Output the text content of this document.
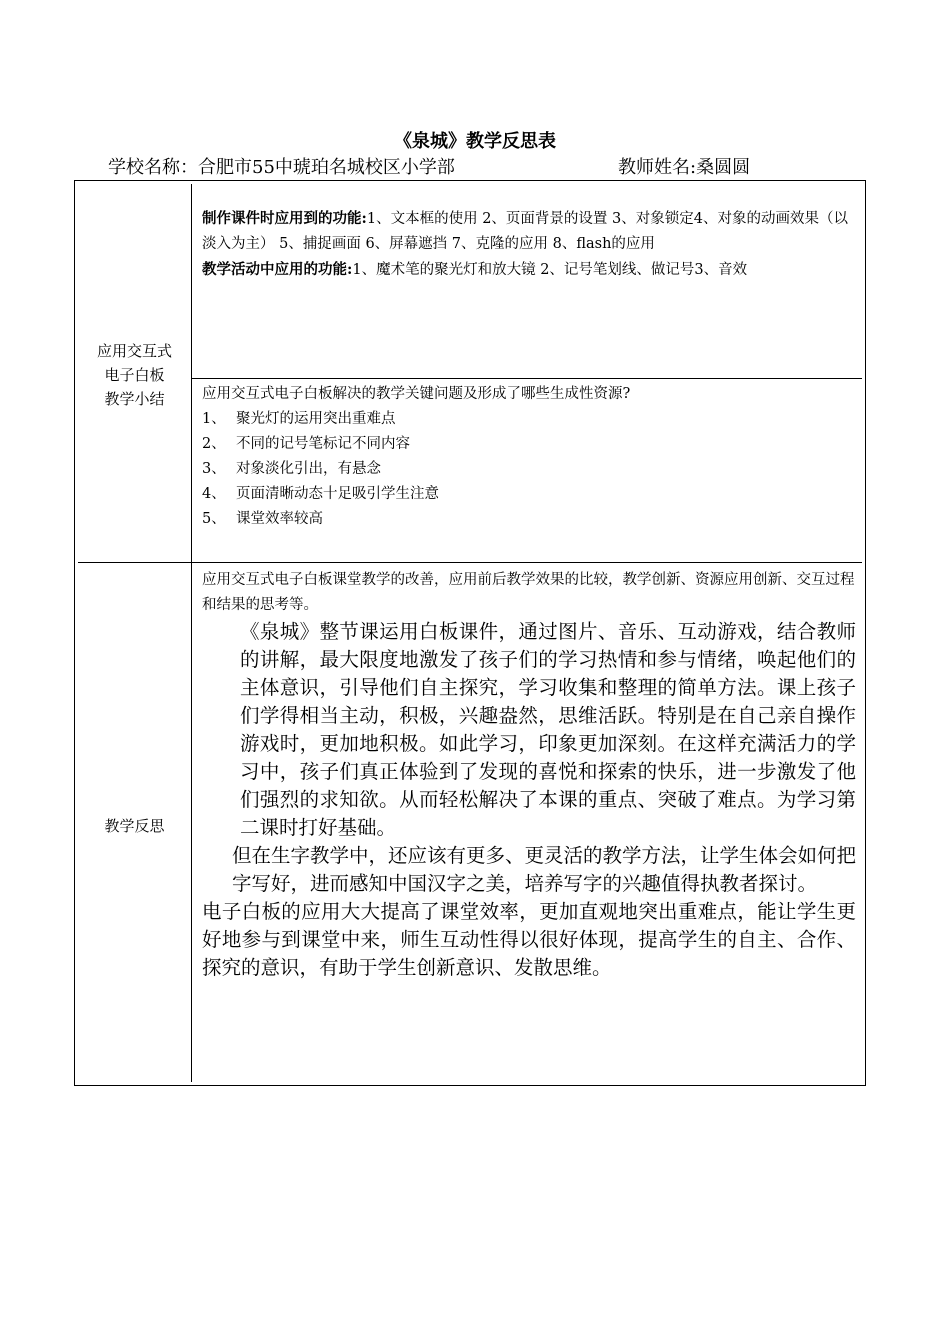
《泉城》教学反思表
学校名称：合肥市55中琥珀名城校区小学部	教师姓名:桑圆圆
应用交互式
电子白板
教学小结
制作课件时应用到的功能:1、文本框的使用 2、页面背景的设置 3、对象锁定4、对象的动画效果（以淡入为主） 5、捕捉画面 6、屏幕遮挡 7、克隆的应用 8、flash的应用
教学活动中应用的功能:1、魔术笔的聚光灯和放大镜 2、记号笔划线、做记号3、音效
应用交互式电子白板解决的教学关键问题及形成了哪些生成性资源?
1、 聚光灯的运用突出重难点
2、 不同的记号笔标记不同内容
3、 对象淡化引出，有悬念
4、 页面清晰动态十足吸引学生注意
5、 课堂效率较高
教学反思
应用交互式电子白板课堂教学的改善，应用前后教学效果的比较，教学创新、资源应用创新、交互过程和结果的思考等。
《泉城》整节课运用白板课件，通过图片、音乐、互动游戏，结合教师的讲解，最大限度地激发了孩子们的学习热情和参与情绪，唤起他们的主体意识，引导他们自主探究，学习收集和整理的简单方法。课上孩子们学得相当主动，积极，兴趣盎然，思维活跃。特别是在自己亲自操作游戏时，更加地积极。如此学习，印象更加深刻。在这样充满活力的学习中，孩子们真正体验到了发现的喜悦和探索的快乐，进一步激发了他们强烈的求知欲。从而轻松解决了本课的重点、突破了难点。为学习第二课时打好基础。
但在生字教学中，还应该有更多、更灵活的教学方法，让学生体会如何把字写好，进而感知中国汉字之美，培养写字的兴趣值得执教者探讨。
电子白板的应用大大提高了课堂效率，更加直观地突出重难点，能让学生更好地参与到课堂中来，师生互动性得以很好体现，提高学生的自主、合作、探究的意识，有助于学生创新意识、发散思维。
